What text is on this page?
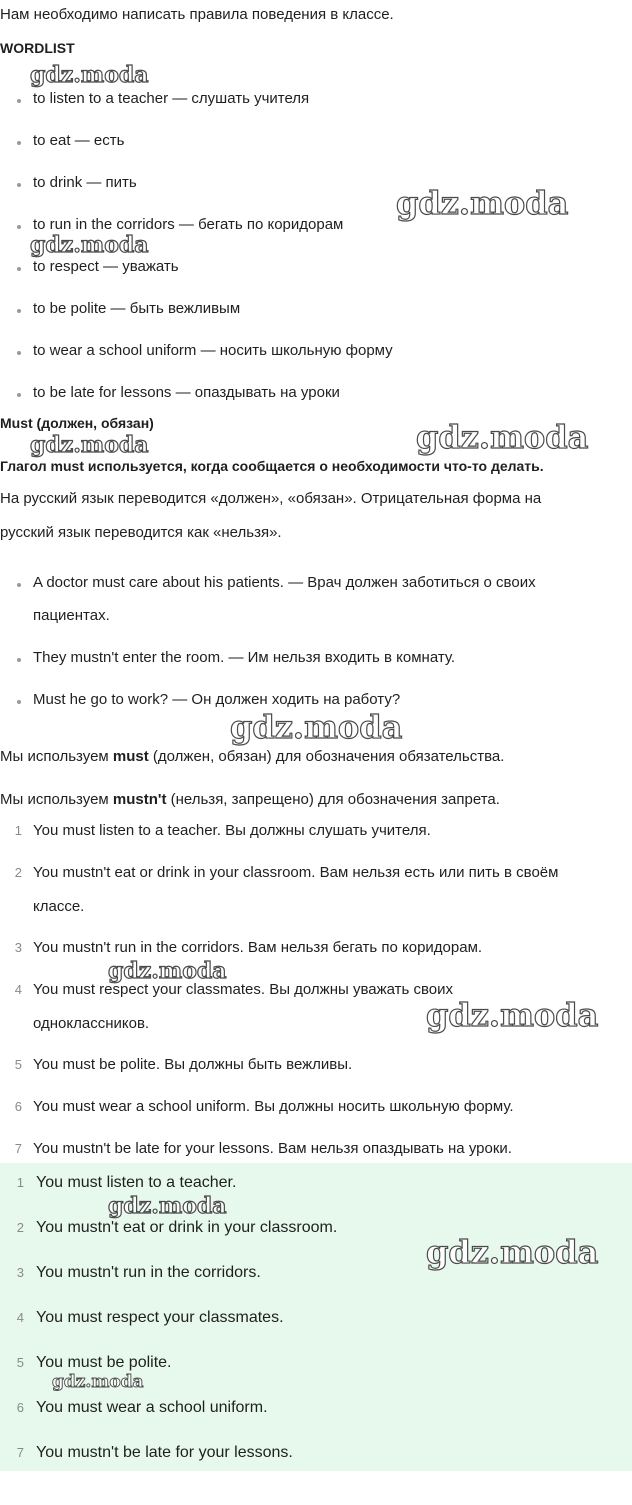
Нам необходимо написать правила поведения в классе.
WORDLIST
to listen to a teacher — слушать учителя
to eat — есть
to drink — пить
to run in the corridors — бегать по коридорам
to respect — уважать
to be polite — быть вежливым
to wear a school uniform — носить школьную форму
to be late for lessons — опаздывать на уроки
Must (должен, обязан)
Глагол must используется, когда сообщается о необходимости что-то делать.
На русский язык переводится «должен», «обязан». Отрицательная форма на
русский язык переводится как «нельзя».
A doctor must care about his patients. — Врач должен заботиться о своих
пациентах.
They mustn't enter the room. — Им нельзя входить в комнату.
Must he go to work? — Он должен ходить на работу?
Мы используем must (должен, обязан) для обозначения обязательства.
Мы используем mustn't (нельзя, запрещено) для обозначения запрета.
1 You must listen to a teacher. Вы должны слушать учителя.
2 You mustn't eat or drink in your classroom. Вам нельзя есть или пить в своём
классе.
3 You mustn't run in the corridors. Вам нельзя бегать по коридорам.
4 You must respect your classmates. Вы должны уважать своих
одноклассников.
5 You must be polite. Вы должны быть вежливы.
6 You must wear a school uniform. Вы должны носить школьную форму.
7 You mustn't be late for your lessons. Вам нельзя опаздывать на уроки.
1 You must listen to a teacher.
2 You mustn't eat or drink in your classroom.
3 You mustn't run in the corridors.
4 You must respect your classmates.
5 You must be polite.
6 You must wear a school uniform.
7 You mustn't be late for your lessons.
gdz.moda
gdz.moda
gdz.moda
gdz.moda	gdz.moda
gdz.moda
gdz.moda
gdz.moda
gdz.moda
gdz.moda
gdz.moda
